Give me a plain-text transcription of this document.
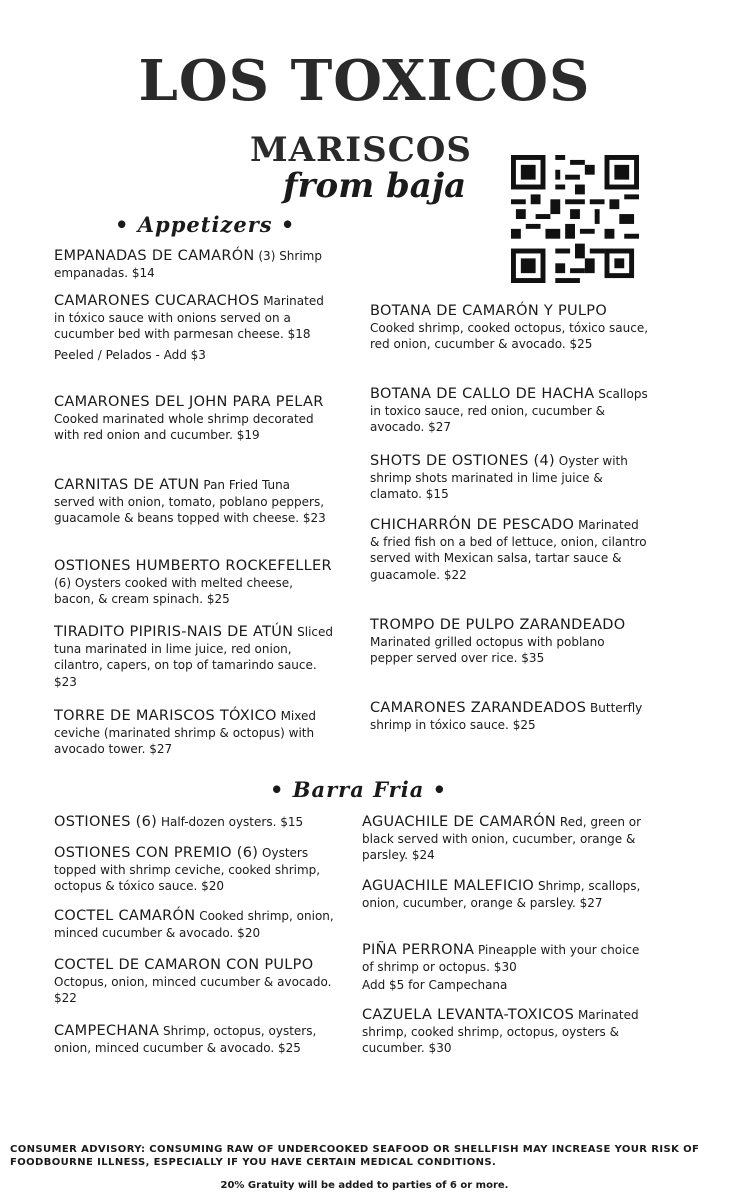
LOS TOXICOS
MARISCOS
from baja
• Appetizers •
EMPANADAS DE CAMARÓN (3) Shrimp empanadas. $14
CAMARONES CUCARACHOS Marinated in tóxico sauce with onions served on a cucumber bed with parmesan cheese. $18
Peeled / Pelados - Add $3
CAMARONES DEL JOHN PARA PELAR Cooked marinated whole shrimp decorated with red onion and cucumber. $19
CARNITAS DE ATUN Pan Fried Tuna served with onion, tomato, poblano peppers, guacamole & beans topped with cheese. $23
OSTIONES HUMBERTO ROCKEFELLER (6) Oysters cooked with melted cheese, bacon, & cream spinach. $25
TIRADITO PIPIRIS-NAIS DE ATÚN Sliced tuna marinated in lime juice, red onion, cilantro, capers, on top of tamarindo sauce. $23
TORRE DE MARISCOS TÓXICO Mixed ceviche (marinated shrimp & octopus) with avocado tower. $27
BOTANA DE CAMARÓN Y PULPO Cooked shrimp, cooked octopus, tóxico sauce, red onion, cucumber & avocado. $25
BOTANA DE CALLO DE HACHA Scallops in toxico sauce, red onion, cucumber & avocado. $27
SHOTS DE OSTIONES (4) Oyster with shrimp shots marinated in lime juice & clamato. $15
CHICHARRÓN DE PESCADO Marinated & fried fish on a bed of lettuce, onion, cilantro served with Mexican salsa, tartar sauce & guacamole. $22
TROMPO DE PULPO ZARANDEADO Marinated grilled octopus with poblano pepper served over rice. $35
CAMARONES ZARANDEADOS Butterfly shrimp in tóxico sauce. $25
• Barra Fria •
OSTIONES (6) Half-dozen oysters. $15
OSTIONES CON PREMIO (6) Oysters topped with shrimp ceviche, cooked shrimp, octopus & tóxico sauce. $20
COCTEL CAMARÓN Cooked shrimp, onion, minced cucumber & avocado. $20
COCTEL DE CAMARON CON PULPO Octopus, onion, minced cucumber & avocado. $22
CAMPECHANA Shrimp, octopus, oysters, onion, minced cucumber & avocado. $25
AGUACHILE DE CAMARÓN Red, green or black served with onion, cucumber, orange & parsley. $24
AGUACHILE MALEFICIO Shrimp, scallops, onion, cucumber, orange & parsley. $27
PIÑA PERRONA Pineapple with your choice of shrimp or octopus. $30
Add $5 for Campechana
CAZUELA LEVANTA-TOXICOS Marinated shrimp, cooked shrimp, octopus, oysters & cucumber. $30
CONSUMER ADVISORY: CONSUMING RAW OF UNDERCOOKED SEAFOOD OR SHELLFISH MAY INCREASE YOUR RISK OF FOODBOURNE ILLNESS, ESPECIALLY IF YOU HAVE CERTAIN MEDICAL CONDITIONS.
20% Gratuity will be added to parties of 6 or more.
